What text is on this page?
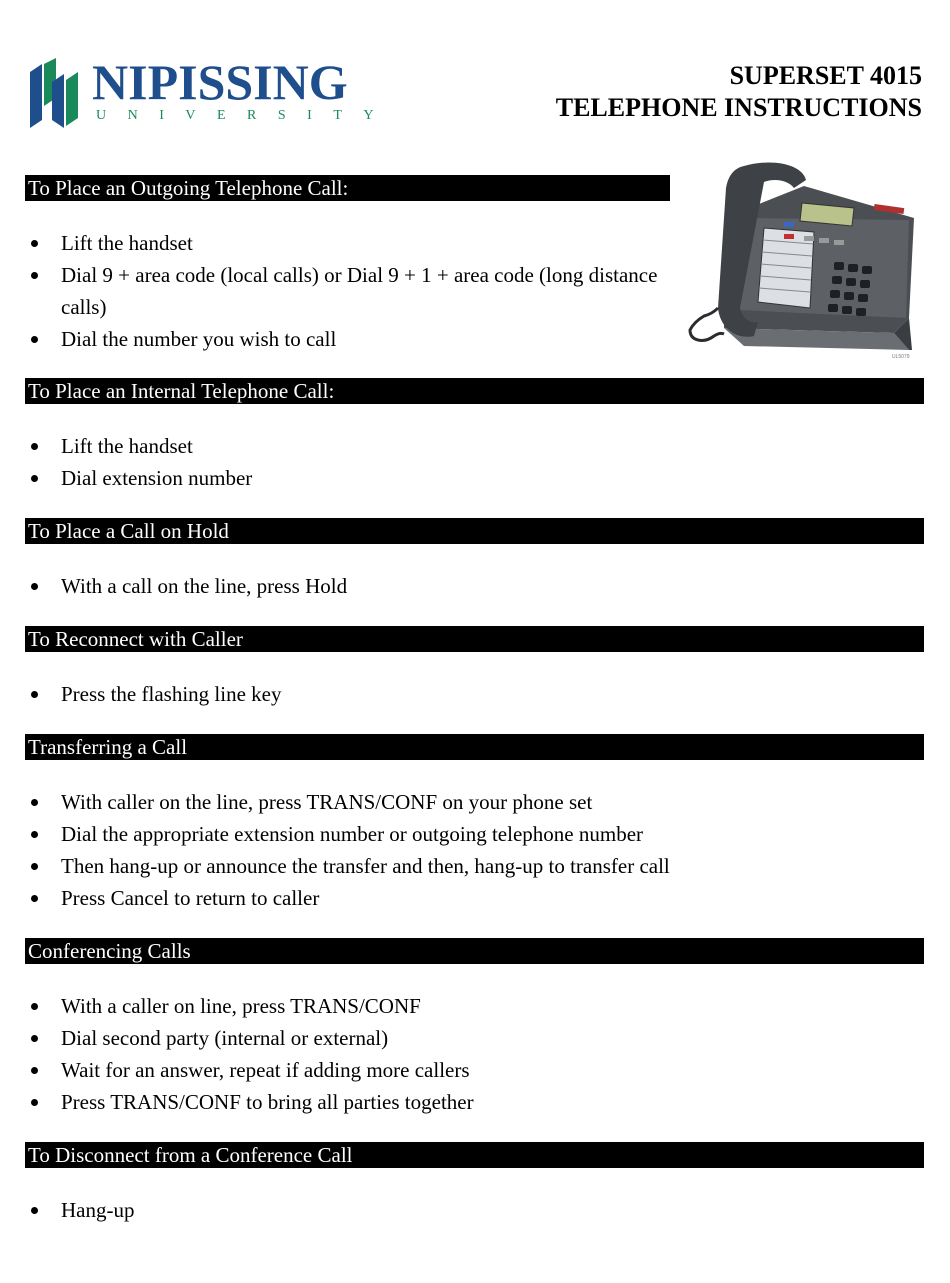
NIPISSING
UNIVERSITY
SUPERSET 4015
TELEPHONE INSTRUCTIONS
UL5079
To Place an Outgoing Telephone Call:
Lift the handset
Dial 9 + area code (local calls) or Dial 9 + 1 + area code (long distance calls)
Dial the number you wish to call
To Place an Internal Telephone Call:
Lift the handset
Dial extension number
To Place a Call on Hold
With a call on the line, press Hold
To Reconnect with Caller
Press the flashing line key
Transferring a Call
With caller on the line, press TRANS/CONF on your phone set
Dial the appropriate extension number or outgoing telephone number
Then hang-up or announce the transfer and then, hang-up to transfer call
Press Cancel to return to caller
Conferencing Calls
With a caller on line, press TRANS/CONF
Dial second party (internal or external)
Wait for an answer, repeat if adding more callers
Press TRANS/CONF to bring all parties together
To Disconnect from a Conference Call
Hang-up
